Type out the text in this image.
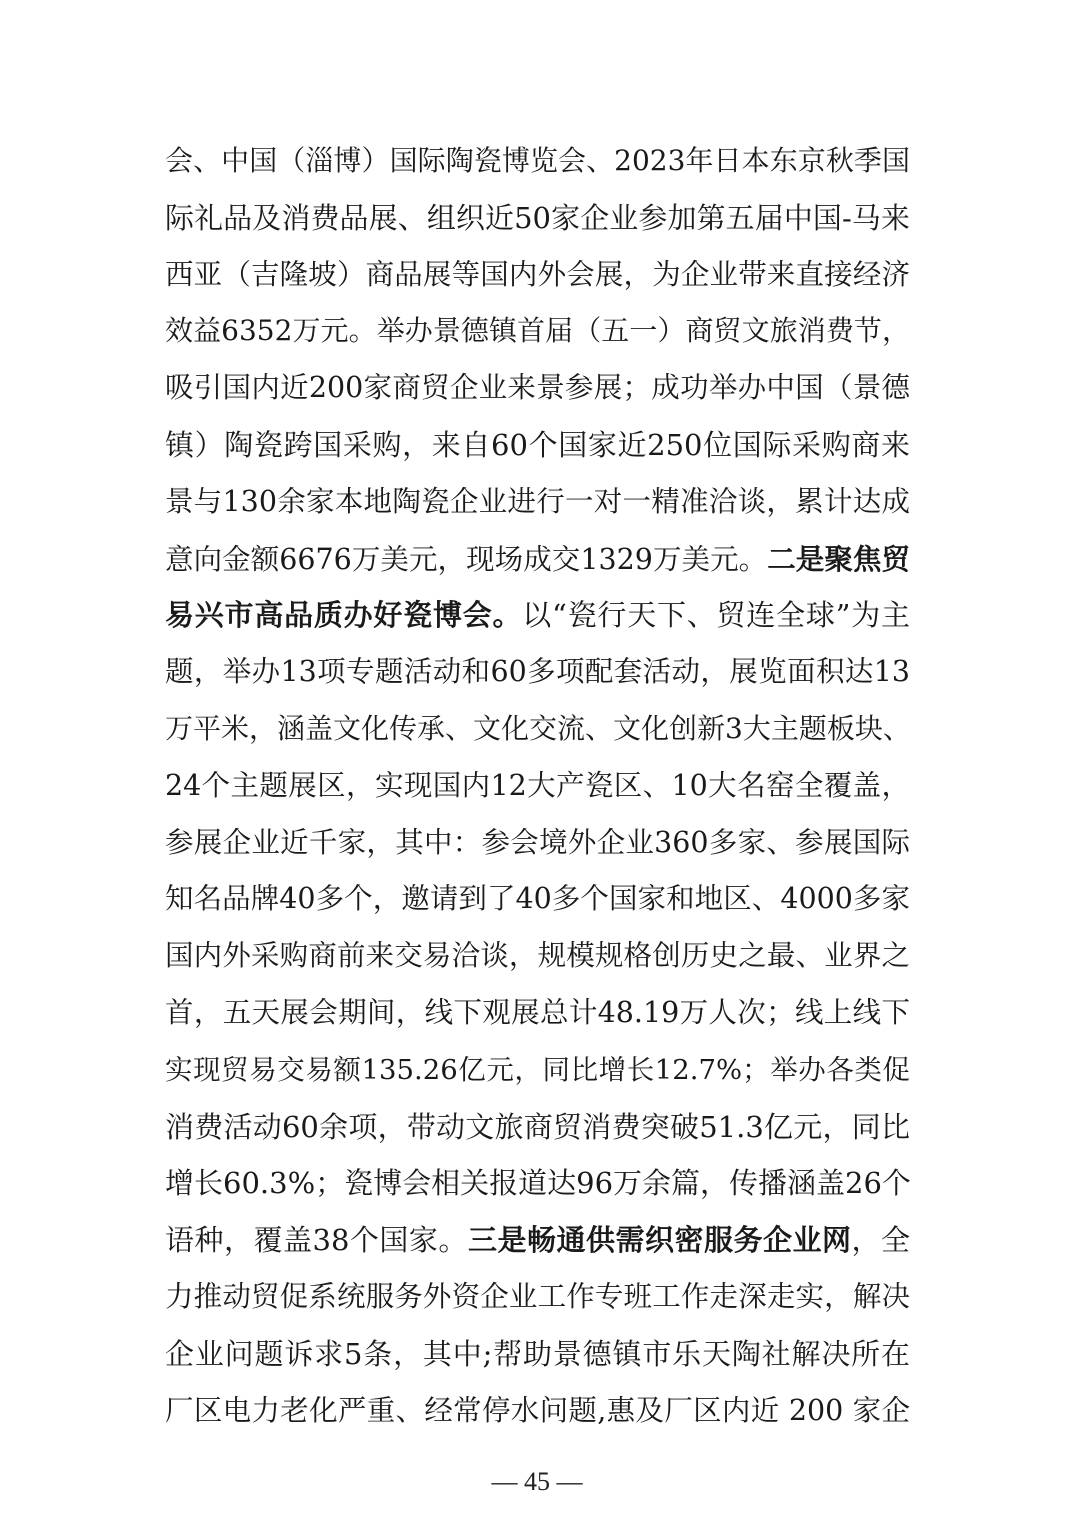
会、中国（淄博）国际陶瓷博览会、2023年日本东京秋季国
际礼品及消费品展、组织近50家企业参加第五届中国-马来
西亚（吉隆坡）商品展等国内外会展，为企业带来直接经济
效益6352万元。举办景德镇首届（五一）商贸文旅消费节，
吸引国内近200家商贸企业来景参展；成功举办中国（景德
镇）陶瓷跨国采购，来自60个国家近250位国际采购商来
景与130余家本地陶瓷企业进行一对一精准洽谈，累计达成
意向金额6676万美元，现场成交1329万美元。二是聚焦贸
易兴市高品质办好瓷博会。以“瓷行天下、贸连全球”为主
题，举办13项专题活动和60多项配套活动，展览面积达13
万平米，涵盖文化传承、文化交流、文化创新3大主题板块、
24个主题展区，实现国内12大产瓷区、10大名窑全覆盖，
参展企业近千家，其中：参会境外企业360多家、参展国际
知名品牌40多个，邀请到了40多个国家和地区、4000多家
国内外采购商前来交易洽谈，规模规格创历史之最、业界之
首，五天展会期间，线下观展总计48.19万人次；线上线下
实现贸易交易额135.26亿元，同比增长12.7%；举办各类促
消费活动60余项，带动文旅商贸消费突破51.3亿元，同比
增长60.3%；瓷博会相关报道达96万余篇，传播涵盖26个
语种，覆盖38个国家。三是畅通供需织密服务企业网，全
力推动贸促系统服务外资企业工作专班工作走深走实，解决
企业问题诉求5条，其中;帮助景德镇市乐天陶社解决所在
厂区电力老化严重、经常停水问题,惠及厂区内近 200 家企
— 45 —
